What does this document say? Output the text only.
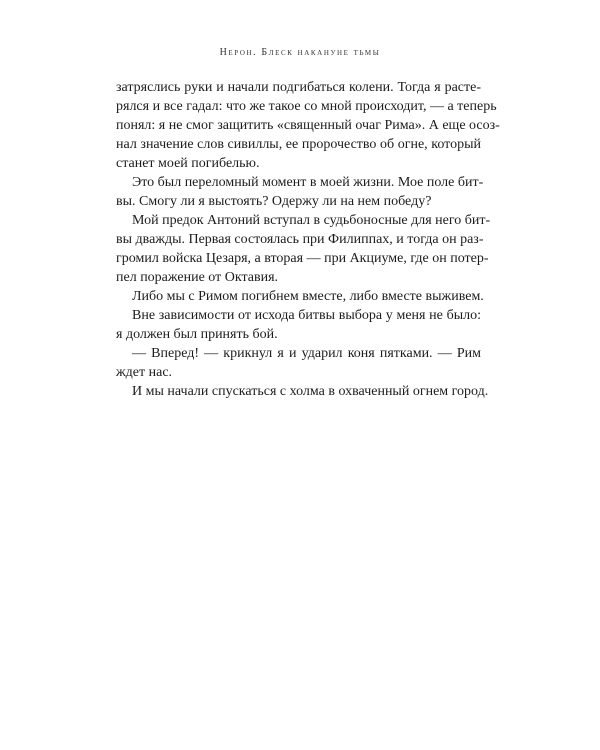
Нерон. Блеск накануне тьмы

затряслись руки и начали подгибаться колени. Тогда я расте-
рялся и все гадал: что же такое со мной происходит, — а теперь
понял: я не смог защитить «священный очаг Рима». А еще осоз-
нал значение слов сивиллы, ее пророчество об огне, который
станет моей погибелью.

Это был переломный момент в моей жизни. Мое поле бит-
вы. Смогу ли я выстоять? Одержу ли на нем победу?

Мой предок Антоний вступал в судьбоносные для него бит-
вы дважды. Первая состоялась при Филиппах, и тогда он раз-
громил войска Цезаря, а вторая — при Акциуме, где он потер-
пел поражение от Октавия.

Либо мы с Римом погибнем вместе, либо вместе выживем.

Вне зависимости от исхода битвы выбора у меня не было:
я должен был принять бой.

— Вперед! — крикнул я и ударил коня пятками. — Рим
ждет нас.

И мы начали спускаться с холма в охваченный огнем город.
